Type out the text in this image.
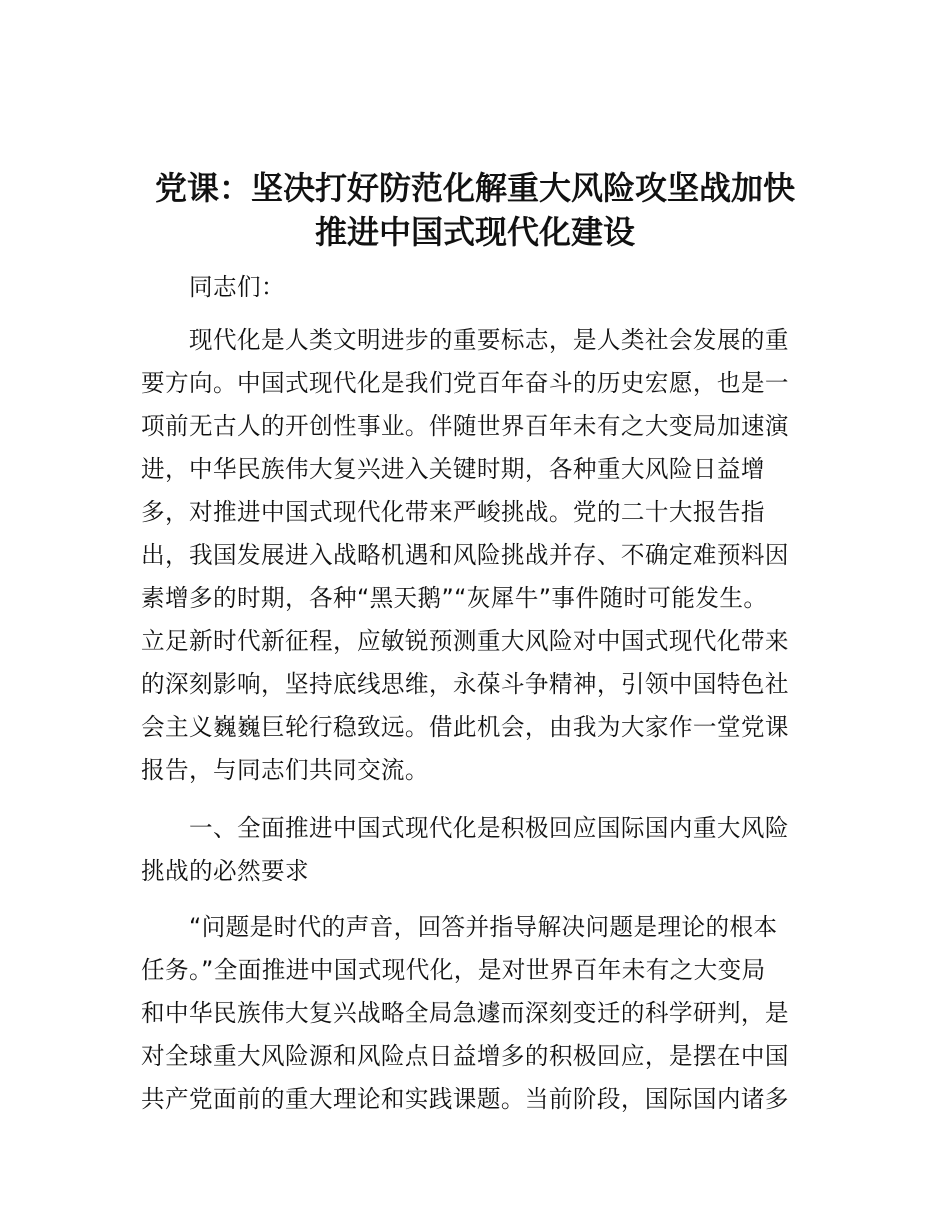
党课：坚决打好防范化解重大风险攻坚战加快
推进中国式现代化建设
同志们：
现代化是人类文明进步的重要标志，是人类社会发展的重
要方向。中国式现代化是我们党百年奋斗的历史宏愿，也是一
项前无古人的开创性事业。伴随世界百年未有之大变局加速演
进，中华民族伟大复兴进入关键时期，各种重大风险日益增
多，对推进中国式现代化带来严峻挑战。党的二十大报告指
出，我国发展进入战略机遇和风险挑战并存、不确定难预料因
素增多的时期，各种“黑天鹅”“灰犀牛”事件随时可能发生。
立足新时代新征程，应敏锐预测重大风险对中国式现代化带来
的深刻影响，坚持底线思维，永葆斗争精神，引领中国特色社
会主义巍巍巨轮行稳致远。借此机会，由我为大家作一堂党课
报告，与同志们共同交流。
一、全面推进中国式现代化是积极回应国际国内重大风险
挑战的必然要求
“问题是时代的声音，回答并指导解决问题是理论的根本
任务。”全面推进中国式现代化，是对世界百年未有之大变局
和中华民族伟大复兴战略全局急遽而深刻变迁的科学研判，是
对全球重大风险源和风险点日益增多的积极回应，是摆在中国
共产党面前的重大理论和实践课题。当前阶段，国际国内诸多
